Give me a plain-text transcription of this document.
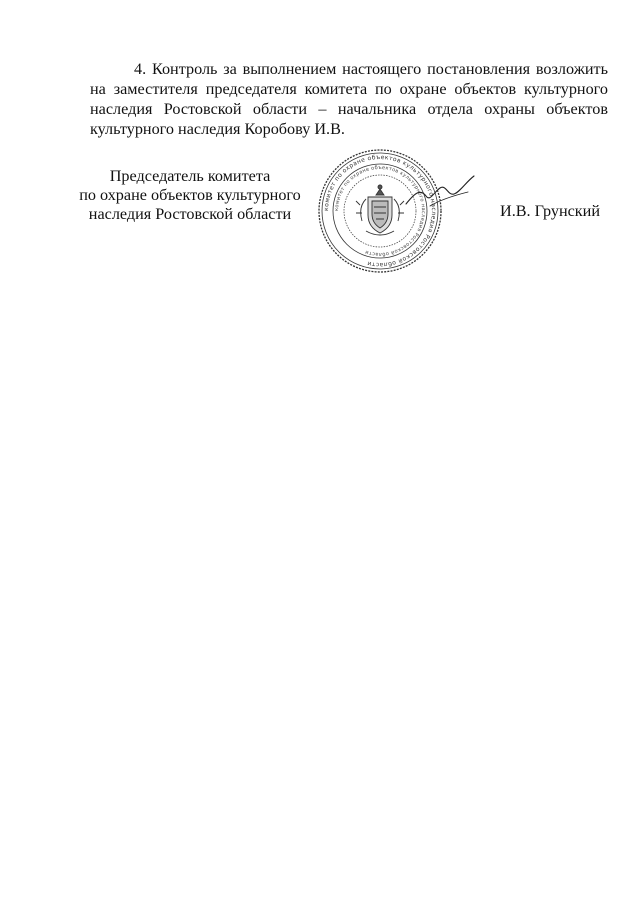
4. Контроль за выполнением настоящего постановления возложить на заместителя председателя комитета по охране объектов культурного наследия Ростовской области – начальника отдела охраны объектов культурного наследия Коробову И.В.

Председатель комитета
по охране объектов культурного
наследия Ростовской области	комитет по охране объектов культурного наследия Ростовской области
комитет по охране объектов культурного наследия Ростовской области
И.В. Грунский
